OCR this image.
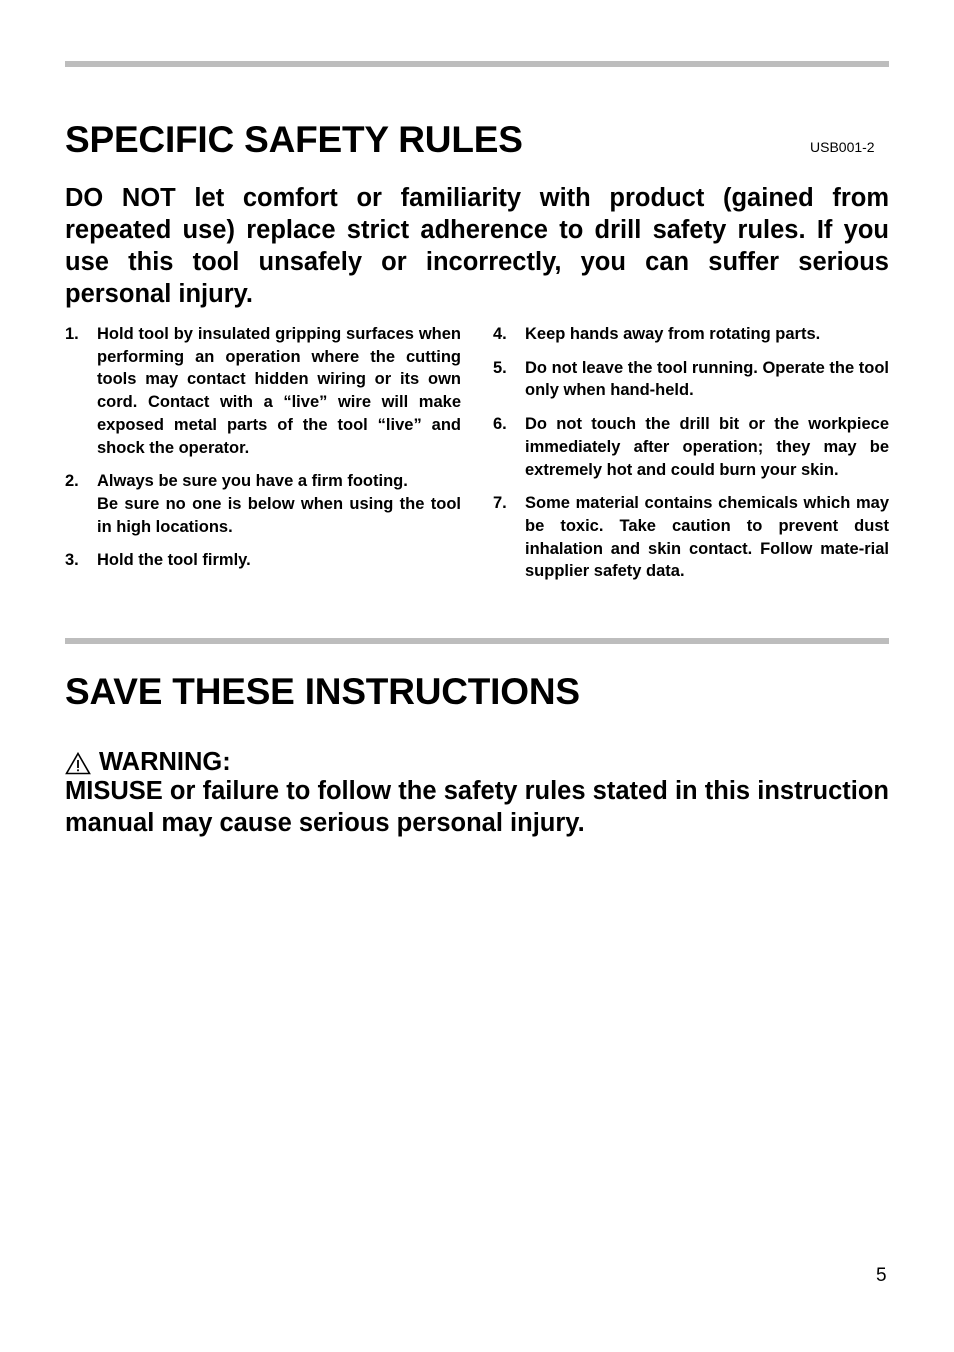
SPECIFIC SAFETY RULES	USB001-2

DO NOT let comfort or familiarity with product (gained from repeated use) replace strict adherence to drill safety rules. If you use this tool unsafely or incorrectly, you can suffer serious personal injury.

1. Hold tool by insulated gripping surfaces when performing an operation where the cutting tools may contact hidden wiring or its own cord. Contact with a “live” wire will make exposed metal parts of the tool “live” and shock the operator.
2. Always be sure you have a firm footing.
Be sure no one is below when using the tool in high locations.
3. Hold the tool firmly.
4. Keep hands away from rotating parts.
5. Do not leave the tool running. Operate the tool only when hand-held.
6. Do not touch the drill bit or the workpiece immediately after operation; they may be extremely hot and could burn your skin.
7. Some material contains chemicals which may be toxic. Take caution to prevent dust inhalation and skin contact. Follow mate-rial supplier safety data.
SAVE THESE INSTRUCTIONS
WARNING:

MISUSE or failure to follow the safety rules stated in this instruction manual may cause serious personal injury.

5
